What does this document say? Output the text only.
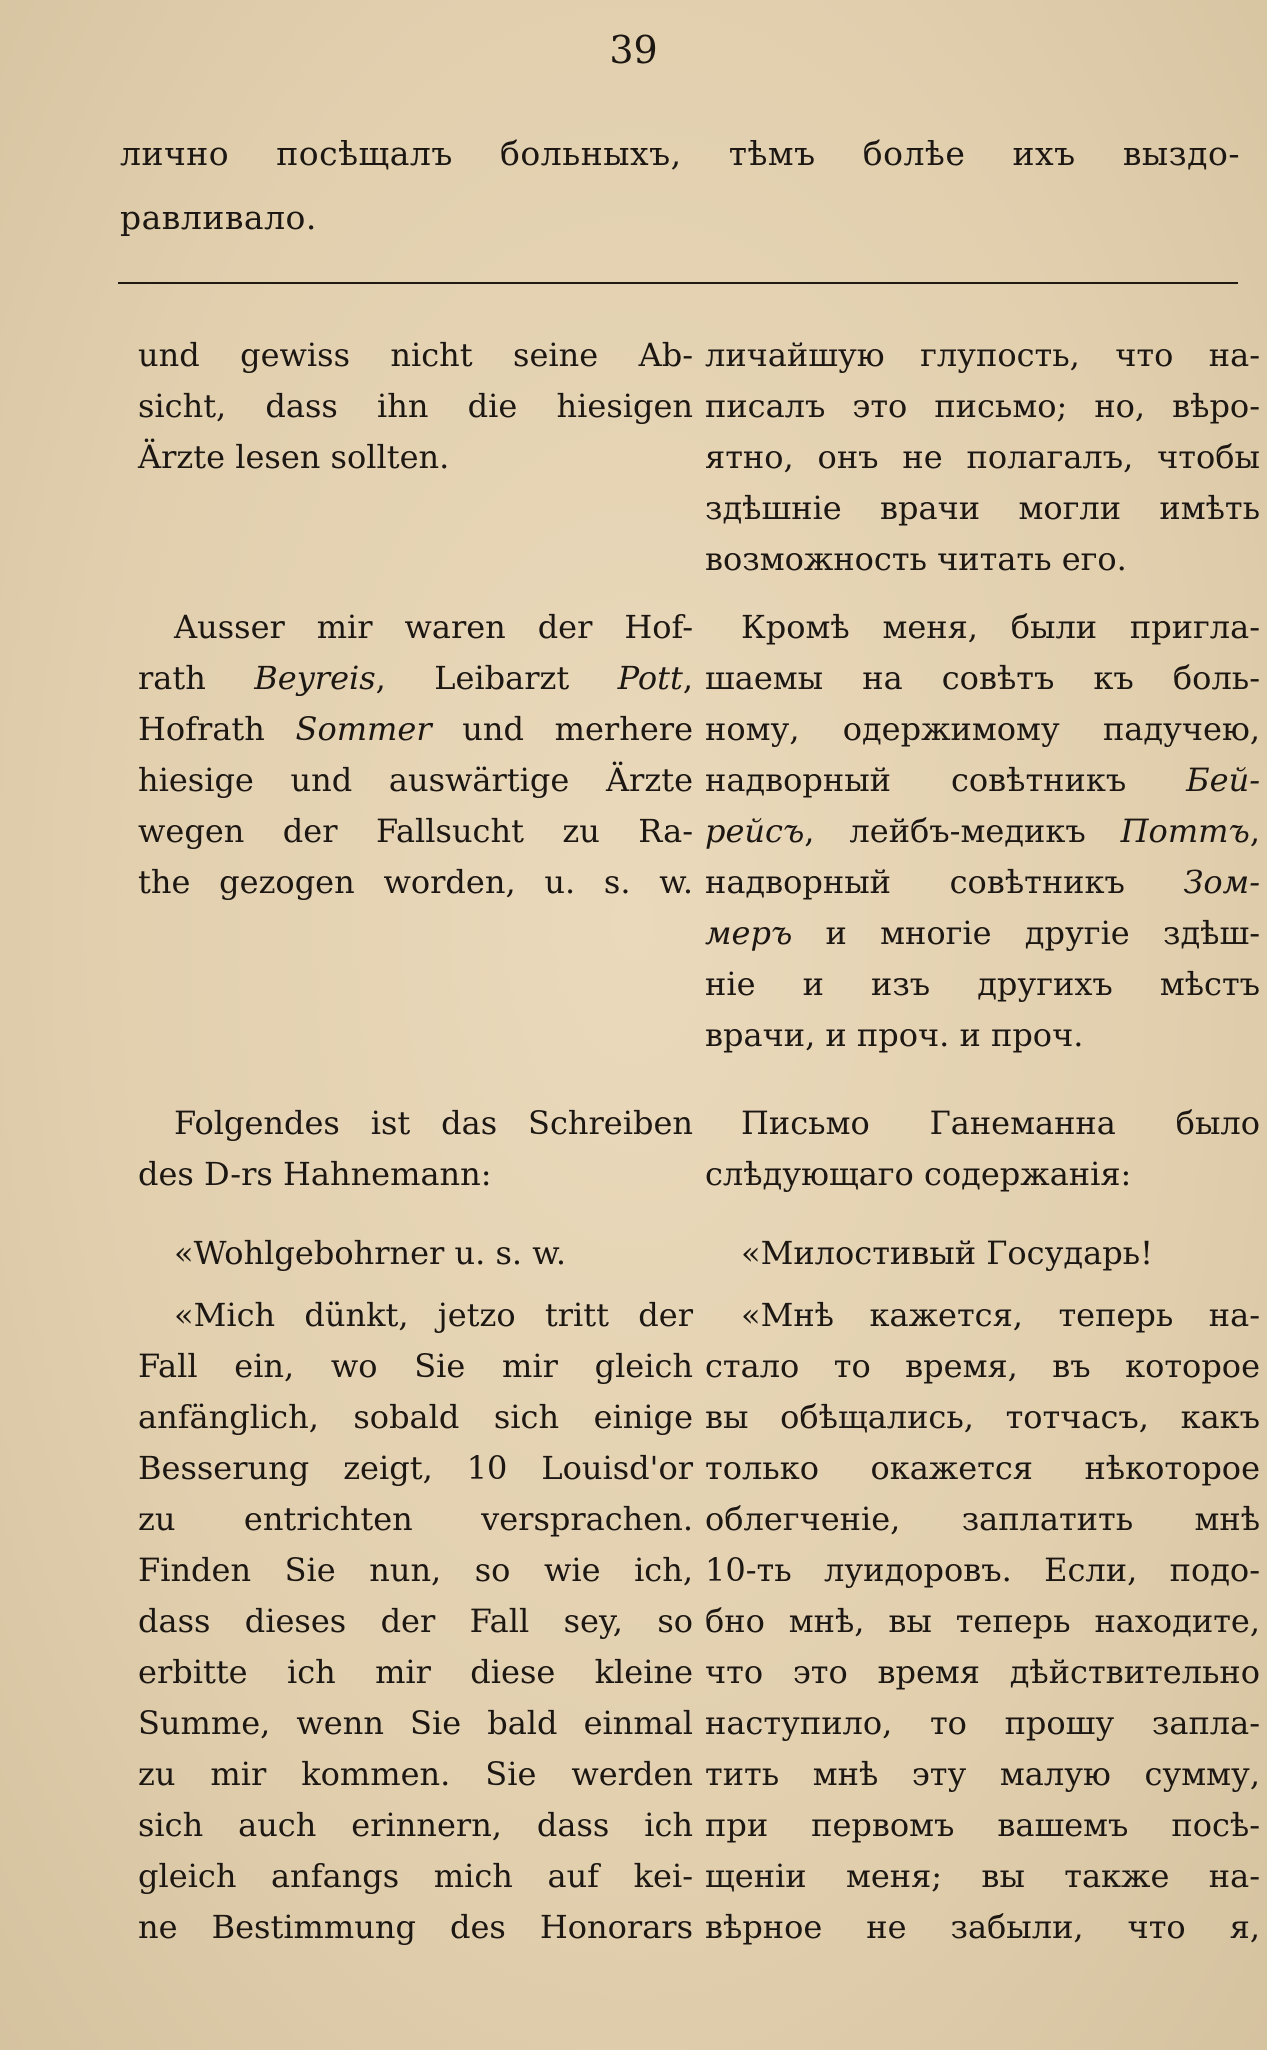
39
лично посѣщалъ больныхъ, тѣмъ болѣе ихъ выздо-
равливало.
und gewiss nicht seine Ab-
sicht, dass ihn die hiesigen
Ärzte lesen sollten.
Ausser mir waren der Hof-
rath Beyreis, Leibarzt Pott,
Hofrath Sommer und merhere
hiesige und auswärtige Ärzte
wegen der Fallsucht zu Ra-
the gezogen worden, u. s. w.
Folgendes ist das Schreiben
des D-rs Hahnemann:
«Wohlgebohrner u. s. w.
«Mich dünkt, jetzo tritt der
Fall ein, wo Sie mir gleich
anfänglich, sobald sich einige
Besserung zeigt, 10 Louisd'or
zu entrichten versprachen.
Finden Sie nun, so wie ich,
dass dieses der Fall sey, so
erbitte ich mir diese kleine
Summe, wenn Sie bald einmal
zu mir kommen. Sie werden
sich auch erinnern, dass ich
gleich anfangs mich auf kei-
ne Bestimmung des Honorars
личайшую глупость, что на-
писалъ это письмо; но, вѣро-
ятно, онъ не полагалъ, чтобы
здѣшніе врачи могли имѣть
возможность читать его.
Кромѣ меня, были пригла-
шаемы на совѣтъ къ боль-
ному, одержимому падучею,
надворный совѣтникъ Бей-
рейсъ, лейбъ-медикъ Поттъ,
надворный совѣтникъ Зом-
меръ и многіе другіе здѣш-
ніе и изъ другихъ мѣстъ
врачи, и проч. и проч.
Письмо Ганеманна было
слѣдующаго содержанія:
«Милостивый Государь!
«Мнѣ кажется, теперь на-
стало то время, въ которое
вы обѣщались, тотчасъ, какъ
только окажется нѣкоторое
облегченіе, заплатить мнѣ
10-ть луидоровъ. Если, подо-
бно мнѣ, вы теперь находите,
что это время дѣйствительно
наступило, то прошу запла-
тить мнѣ эту малую сумму,
при первомъ вашемъ посѣ-
щеніи меня; вы также на-
вѣрное не забыли, что я,
